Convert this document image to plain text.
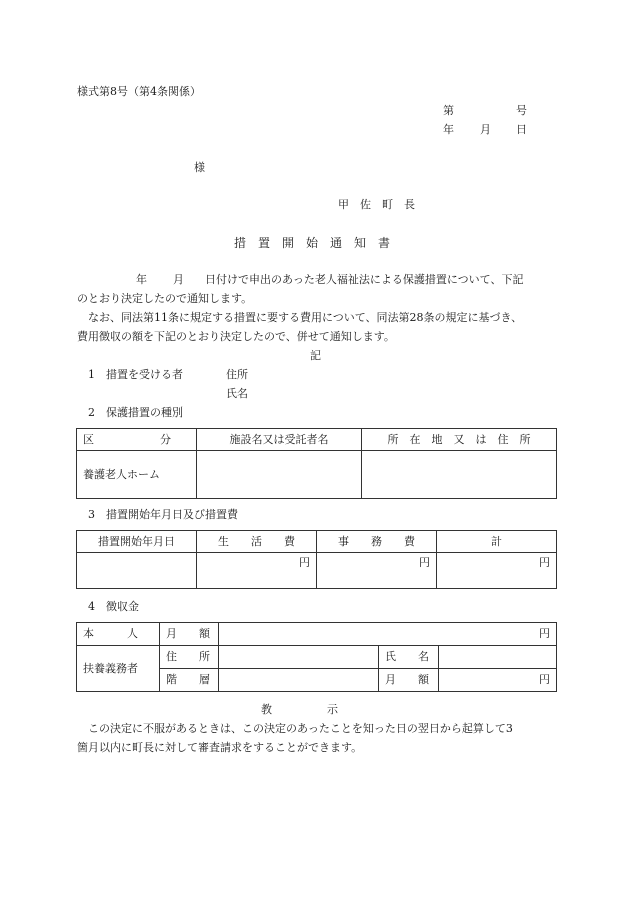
様式第8号（第4条関係）
第	号
年 月 日
様
甲　佐　町　長
措　置　開　始　通　知　書
年 月 日付けで申出のあった老人福祉法による保護措置について、下記
のとおり決定したので通知します。
なお、同法第11条に規定する措置に要する費用について、同法第28条の規定に基づき、
費用徴収の額を下記のとおり決定したので、併せて通知します。
記
1　措置を受ける者	住所
氏名
2　保護措置の種別
区　　　　　　分	施設名又は受託者名	所　在　地　又　は　住　所
養護老人ホーム		
3　措置開始年月日及び措置費
措置開始年月日	生　　活　　費	事　　務　　費	計
	円	円	円
4　徴収金
本　　　人	月　　額	円		
扶養義務者	住　　所		氏　　名	
	階　　層		月　　額	円
教　　　　　示
この決定に不服があるときは、この決定のあったことを知った日の翌日から起算して3
箇月以内に町長に対して審査請求をすることができます。
